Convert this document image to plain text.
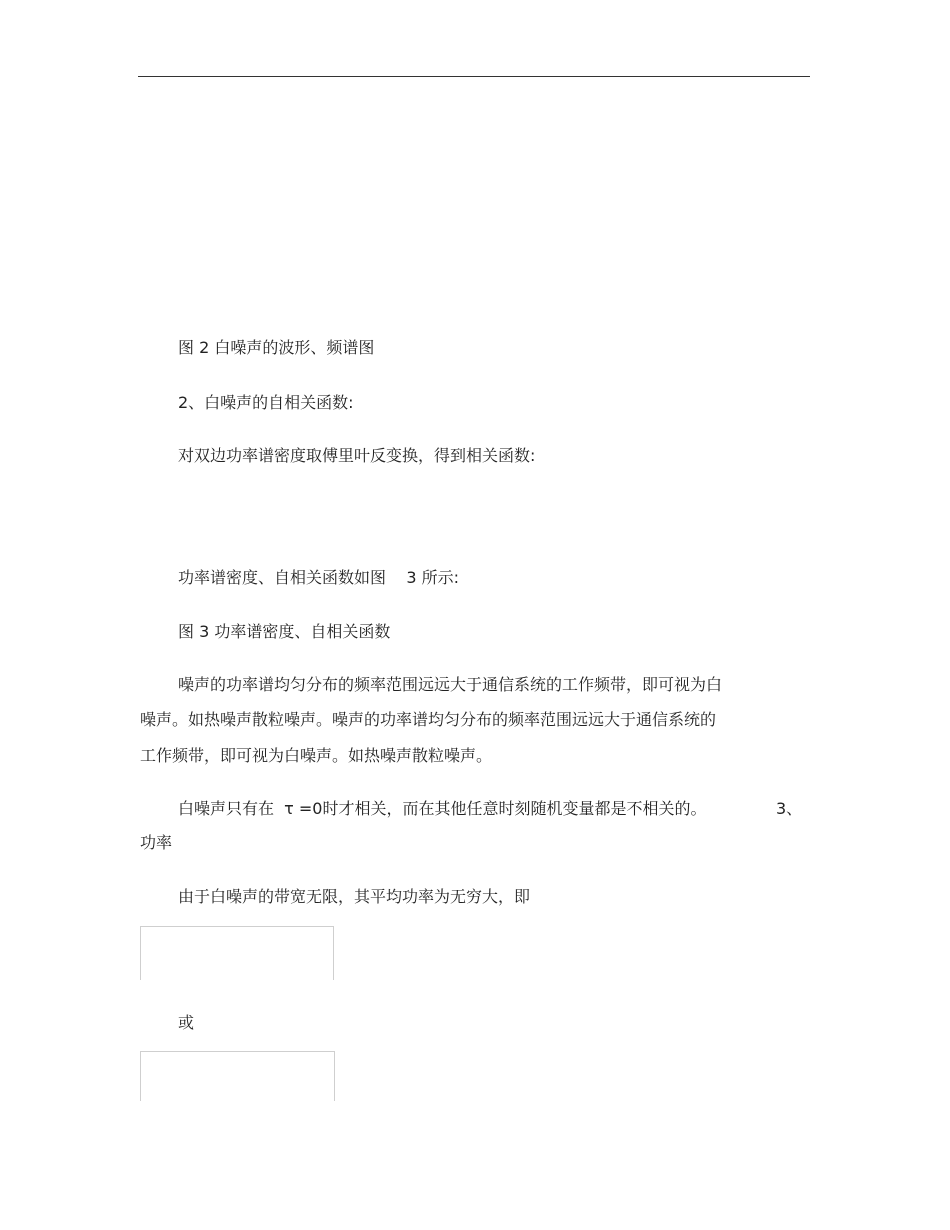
图 2 白噪声的波形、频谱图
2、白噪声的自相关函数:
对双边功率谱密度取傅里叶反变换，得到相关函数:
功率谱密度、自相关函数如图    3 所示:
图 3 功率谱密度、自相关函数
噪声的功率谱均匀分布的频率范围远远大于通信系统的工作频带，即可视为白
噪声。如热噪声散粒噪声。噪声的功率谱均匀分布的频率范围远远大于通信系统的
工作频带，即可视为白噪声。如热噪声散粒噪声。
白噪声只有在  τ =0时才相关，而在其他任意时刻随机变量都是不相关的。	3、
功率
由于白噪声的带宽无限，其平均功率为无穷大，即
或
